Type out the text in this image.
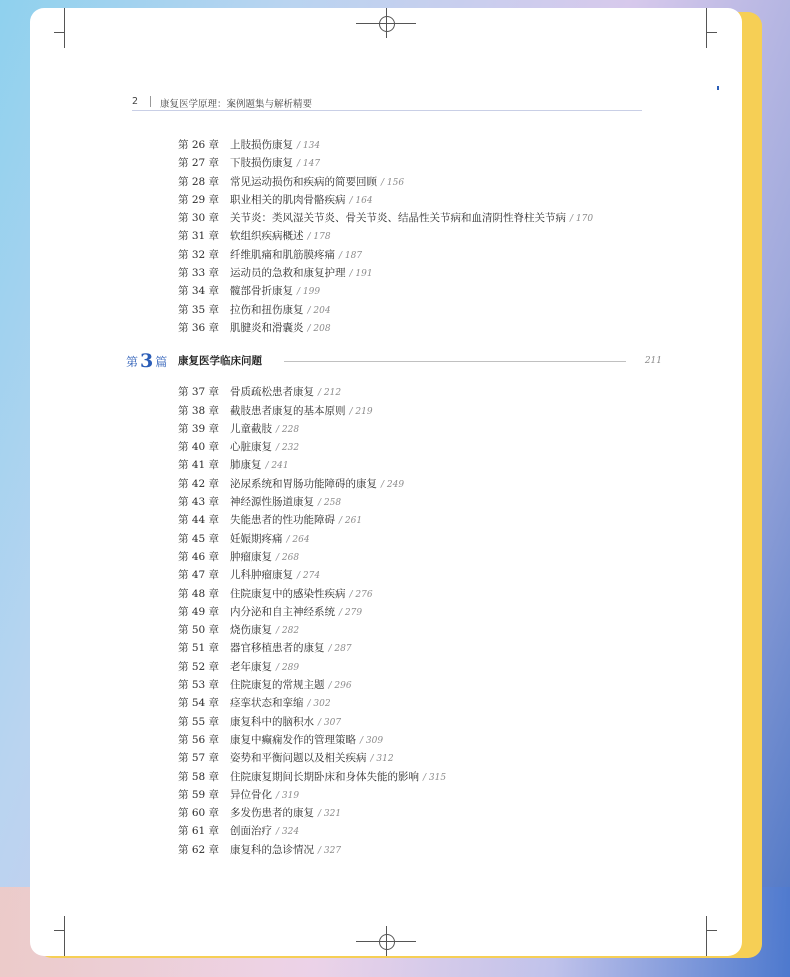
2 康复医学原理：案例题集与解析精要
第 26 章 上肢损伤康复 / 134
第 27 章 下肢损伤康复 / 147
第 28 章 常见运动损伤和疾病的简要回顾 / 156
第 29 章 职业相关的肌肉骨骼疾病 / 164
第 30 章 关节炎：类风湿关节炎、骨关节炎、结晶性关节病和血清阴性脊柱关节病 / 170
第 31 章 软组织疾病概述 / 178
第 32 章 纤维肌痛和肌筋膜疼痛 / 187
第 33 章 运动员的急救和康复护理 / 191
第 34 章 髋部骨折康复 / 199
第 35 章 拉伤和扭伤康复 / 204
第 36 章 肌腱炎和滑囊炎 / 208
第 3 篇 康复医学临床问题	211
第 37 章 骨质疏松患者康复 / 212
第 38 章 截肢患者康复的基本原则 / 219
第 39 章 儿童截肢 / 228
第 40 章 心脏康复 / 232
第 41 章 肺康复 / 241
第 42 章 泌尿系统和胃肠功能障碍的康复 / 249
第 43 章 神经源性肠道康复 / 258
第 44 章 失能患者的性功能障碍 / 261
第 45 章 妊娠期疼痛 / 264
第 46 章 肿瘤康复 / 268
第 47 章 儿科肿瘤康复 / 274
第 48 章 住院康复中的感染性疾病 / 276
第 49 章 内分泌和自主神经系统 / 279
第 50 章 烧伤康复 / 282
第 51 章 器官移植患者的康复 / 287
第 52 章 老年康复 / 289
第 53 章 住院康复的常规主题 / 296
第 54 章 痉挛状态和挛缩 / 302
第 55 章 康复科中的脑积水 / 307
第 56 章 康复中癫痫发作的管理策略 / 309
第 57 章 姿势和平衡问题以及相关疾病 / 312
第 58 章 住院康复期间长期卧床和身体失能的影响 / 315
第 59 章 异位骨化 / 319
第 60 章 多发伤患者的康复 / 321
第 61 章 创面治疗 / 324
第 62 章 康复科的急诊情况 / 327
